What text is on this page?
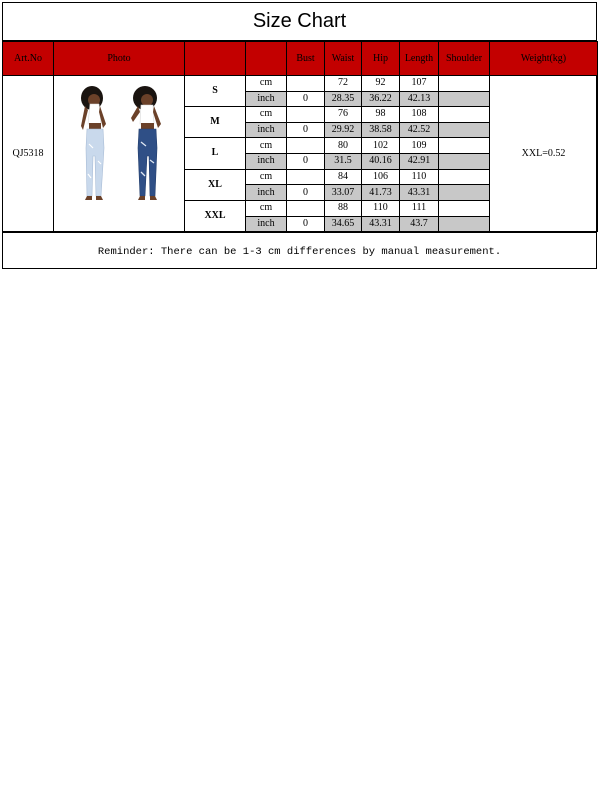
Size Chart
Art.No	Photo			Bust	Waist	Hip	Length	Shoulder	Weight(kg)
QJ5318		S	cm		72	92	107		XXL=0.52
			inch	0	28.35	36.22	42.13		
		M	cm		76	98	108		
			inch	0	29.92	38.58	42.52		
		L	cm		80	102	109		
			inch	0	31.5	40.16	42.91		
		XL	cm		84	106	110		
			inch	0	33.07	41.73	43.31		
		XXL	cm		88	110	111		
			inch	0	34.65	43.31	43.7		
Reminder: There can be 1-3 cm differences by manual measurement.
